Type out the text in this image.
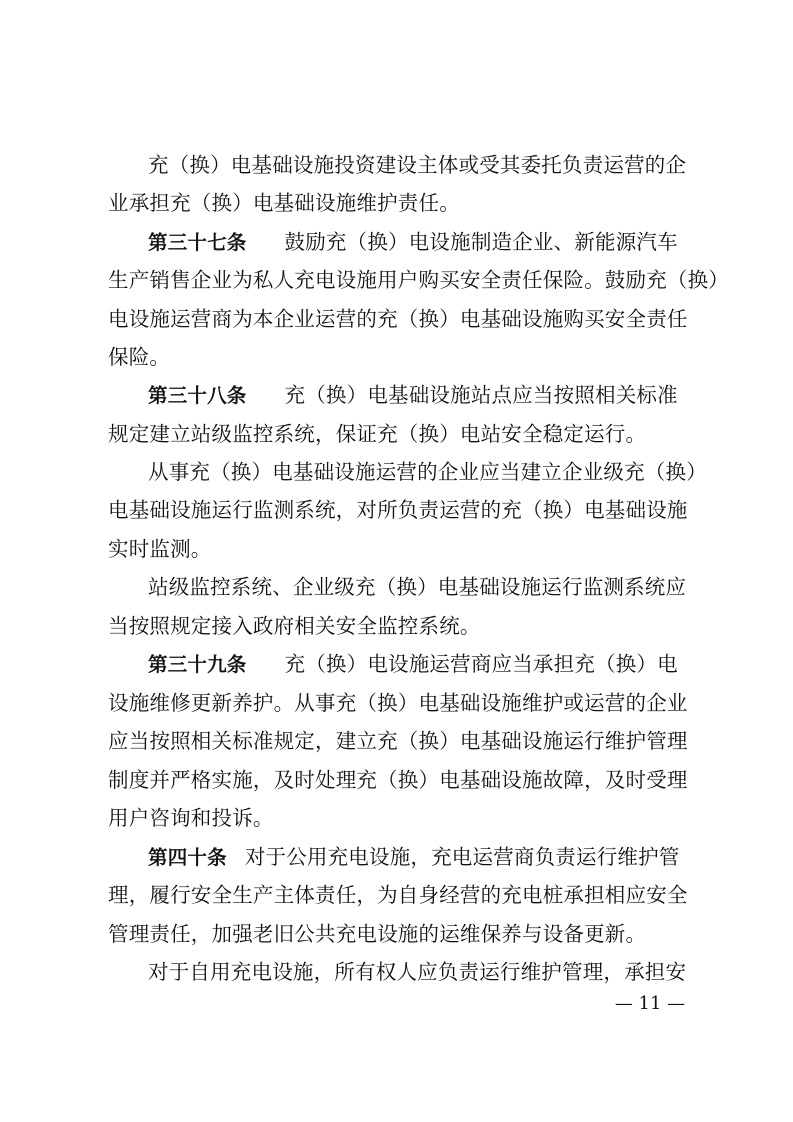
充（换）电基础设施投资建设主体或受其委托负责运营的企
业承担充（换）电基础设施维护责任。
第三十七条 鼓励充（换）电设施制造企业、新能源汽车
生产销售企业为私人充电设施用户购买安全责任保险。鼓励充（换）
电设施运营商为本企业运营的充（换）电基础设施购买安全责任
保险。
第三十八条 充（换）电基础设施站点应当按照相关标准
规定建立站级监控系统，保证充（换）电站安全稳定运行。
从事充（换）电基础设施运营的企业应当建立企业级充（换）
电基础设施运行监测系统，对所负责运营的充（换）电基础设施
实时监测。
站级监控系统、企业级充（换）电基础设施运行监测系统应
当按照规定接入政府相关安全监控系统。
第三十九条 充（换）电设施运营商应当承担充（换）电
设施维修更新养护。从事充（换）电基础设施维护或运营的企业
应当按照相关标准规定，建立充（换）电基础设施运行维护管理
制度并严格实施，及时处理充（换）电基础设施故障，及时受理
用户咨询和投诉。
第四十条 对于公用充电设施，充电运营商负责运行维护管
理，履行安全生产主体责任，为自身经营的充电桩承担相应安全
管理责任，加强老旧公共充电设施的运维保养与设备更新。
对于自用充电设施，所有权人应负责运行维护管理，承担安
— 11 —
